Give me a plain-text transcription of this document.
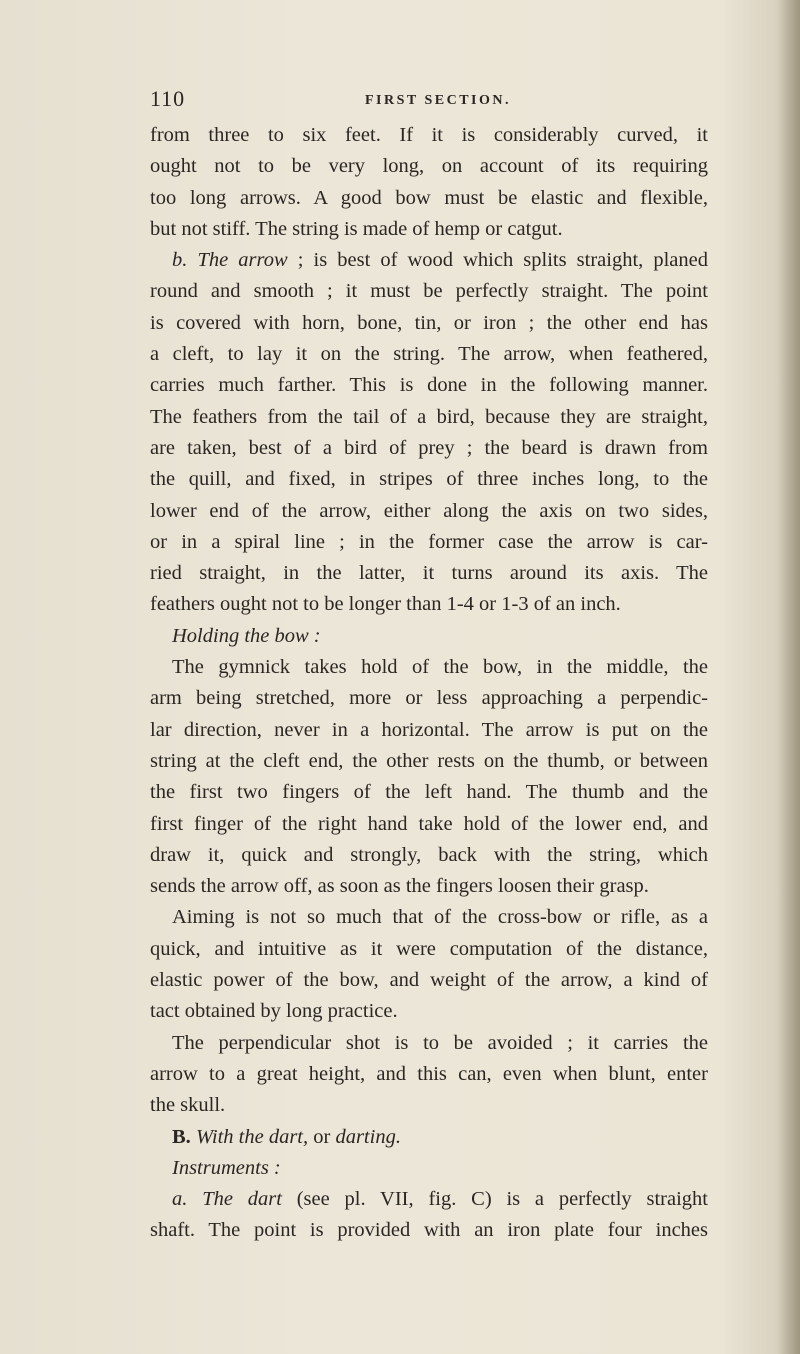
110	FIRST SECTION.
from three to six feet. If it is considerably curved, it
ought not to be very long, on account of its requiring
too long arrows. A good bow must be elastic and flexible,
but not stiff. The string is made of hemp or catgut.
b. The arrow ; is best of wood which splits straight, planed
round and smooth ; it must be perfectly straight. The point
is covered with horn, bone, tin, or iron ; the other end has
a cleft, to lay it on the string. The arrow, when feathered,
carries much farther. This is done in the following manner.
The feathers from the tail of a bird, because they are straight,
are taken, best of a bird of prey ; the beard is drawn from
the quill, and fixed, in stripes of three inches long, to the
lower end of the arrow, either along the axis on two sides,
or in a spiral line ; in the former case the arrow is car-
ried straight, in the latter, it turns around its axis. The
feathers ought not to be longer than 1-4 or 1-3 of an inch.
Holding the bow :
The gymnick takes hold of the bow, in the middle, the
arm being stretched, more or less approaching a perpendic-
lar direction, never in a horizontal. The arrow is put on the
string at the cleft end, the other rests on the thumb, or between
the first two fingers of the left hand. The thumb and the
first finger of the right hand take hold of the lower end, and
draw it, quick and strongly, back with the string, which
sends the arrow off, as soon as the fingers loosen their grasp.
Aiming is not so much that of the cross-bow or rifle, as a
quick, and intuitive as it were computation of the distance,
elastic power of the bow, and weight of the arrow, a kind of
tact obtained by long practice.
The perpendicular shot is to be avoided ; it carries the
arrow to a great height, and this can, even when blunt, enter
the skull.
B. With the dart, or darting.
Instruments :
a. The dart (see pl. VII, fig. C) is a perfectly straight
shaft. The point is provided with an iron plate four inches
